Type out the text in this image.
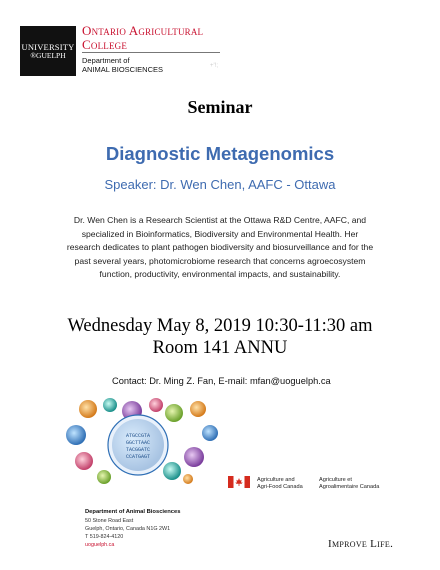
UNIVERSITY
®GUELPH
Ontario Agricultural
College
Department of
ANIMAL BIOSCIENCES	+'!;
Seminar
Diagnostic Metagenomics
Speaker: Dr. Wen Chen, AAFC - Ottawa
Dr. Wen Chen is a Research Scientist at the Ottawa R&D Centre, AAFC, and
specialized in Bioinformatics, Biodiversity and Environmental Health. Her
research dedicates to plant pathogen biodiversity and biosurveillance and for the
past several years, photomicrobiome research that concerns agroecosystem
function, productivity, environmental impacts, and sustainability.
Wednesday May 8, 2019 10:30-11:30 am
Room 141 ANNU
Contact: Dr. Ming Z. Fan, E-mail: mfan@uoguelph.ca
ATGCCGTA
GGCTTAAC
TACGGATC
CCATGAGT
Agriculture and
Agri-Food Canada
Agriculture et
Agroalimentaire Canada
Department of Animal Biosciences
50 Stone Road East
Guelph, Ontario, Canada N1G 2W1
T 519-824-4120
uoguelph.ca	Improve Life.
